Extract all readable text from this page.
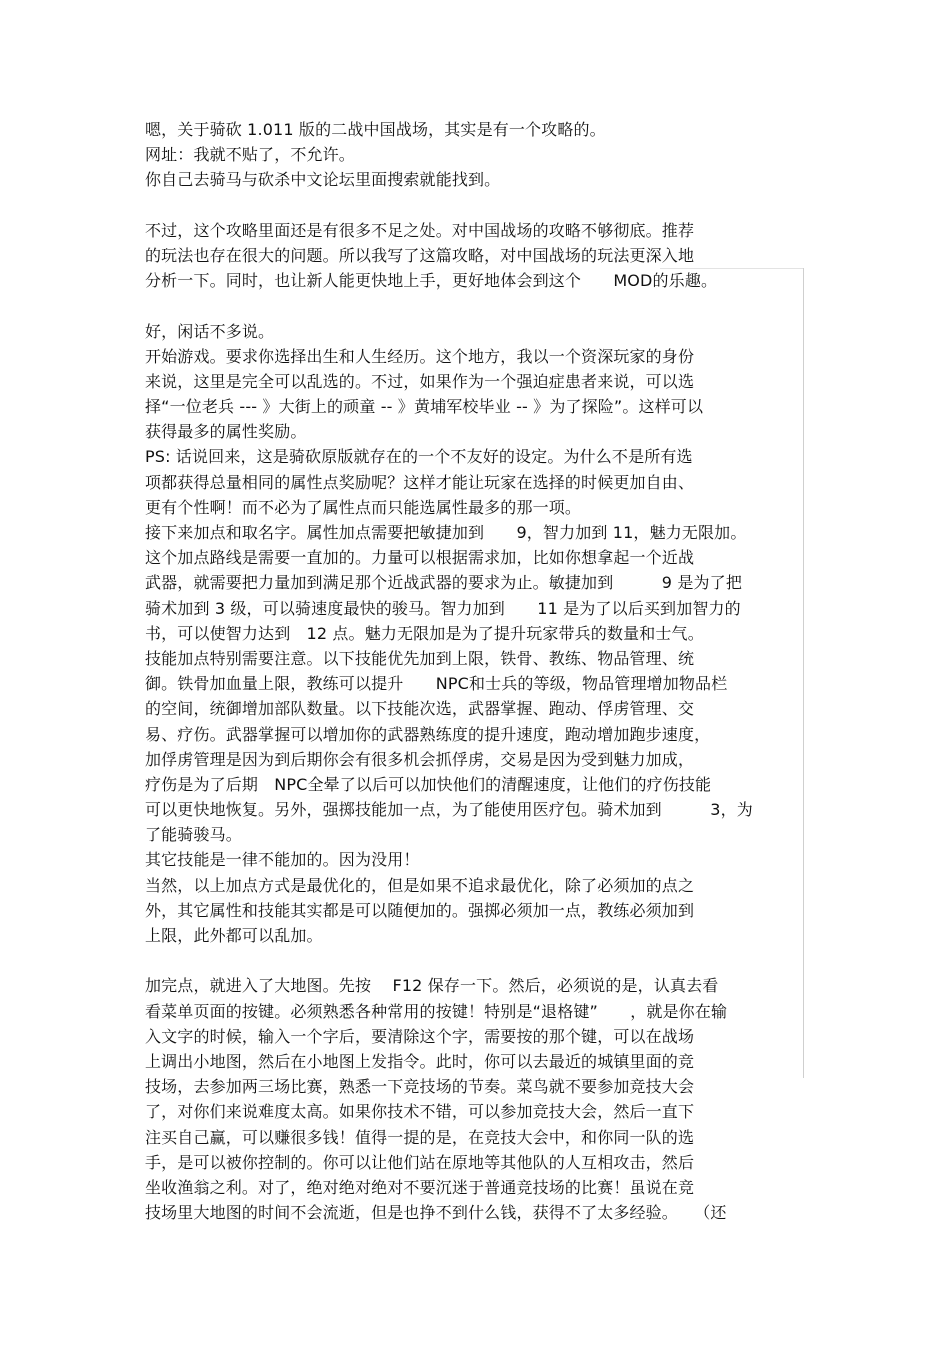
嗯，关于骑砍 1.011 版的二战中国战场，其实是有一个攻略的。
网址：我就不贴了，不允许。
你自己去骑马与砍杀中文论坛里面搜索就能找到。
不过，这个攻略里面还是有很多不足之处。对中国战场的攻略不够彻底。推荐
的玩法也存在很大的问题。所以我写了这篇攻略，对中国战场的玩法更深入地
分析一下。同时，也让新人能更快地上手，更好地体会到这个　　MOD的乐趣。
好，闲话不多说。
开始游戏。要求你选择出生和人生经历。这个地方，我以一个资深玩家的身份
来说，这里是完全可以乱选的。不过，如果作为一个强迫症患者来说，可以选
择“一位老兵 --- 》大街上的顽童 -- 》黄埔军校毕业 -- 》为了探险”。这样可以
获得最多的属性奖励。
PS: 话说回来，这是骑砍原版就存在的一个不友好的设定。为什么不是所有选
项都获得总量相同的属性点奖励呢？这样才能让玩家在选择的时候更加自由、
更有个性啊！而不必为了属性点而只能选属性最多的那一项。
接下来加点和取名字。属性加点需要把敏捷加到　　9，智力加到 11，魅力无限加。
这个加点路线是需要一直加的。力量可以根据需求加，比如你想拿起一个近战
武器，就需要把力量加到满足那个近战武器的要求为止。敏捷加到　　　9 是为了把
骑术加到 3 级，可以骑速度最快的骏马。智力加到　　11 是为了以后买到加智力的
书，可以使智力达到　12 点。魅力无限加是为了提升玩家带兵的数量和士气。
技能加点特别需要注意。以下技能优先加到上限，铁骨、教练、物品管理、统
御。铁骨加血量上限，教练可以提升　　NPC和士兵的等级，物品管理增加物品栏
的空间，统御增加部队数量。以下技能次选，武器掌握、跑动、俘虏管理、交
易、疗伤。武器掌握可以增加你的武器熟练度的提升速度，跑动增加跑步速度，
加俘虏管理是因为到后期你会有很多机会抓俘虏，交易是因为受到魅力加成，
疗伤是为了后期　NPC全晕了以后可以加快他们的清醒速度，让他们的疗伤技能
可以更快地恢复。另外，强掷技能加一点，为了能使用医疗包。骑术加到　　　3，为
了能骑骏马。
其它技能是一律不能加的。因为没用！
当然，以上加点方式是最优化的，但是如果不追求最优化，除了必须加的点之
外，其它属性和技能其实都是可以随便加的。强掷必须加一点，教练必须加到
上限，此外都可以乱加。
加完点，就进入了大地图。先按　 F12 保存一下。然后，必须说的是，认真去看
看菜单页面的按键。必须熟悉各种常用的按键！特别是“退格键”　　，就是你在输
入文字的时候，输入一个字后，要清除这个字，需要按的那个键，可以在战场
上调出小地图，然后在小地图上发指令。此时，你可以去最近的城镇里面的竞
技场，去参加两三场比赛，熟悉一下竞技场的节奏。菜鸟就不要参加竞技大会
了，对你们来说难度太高。如果你技术不错，可以参加竞技大会，然后一直下
注买自己赢，可以赚很多钱！值得一提的是，在竞技大会中，和你同一队的选
手，是可以被你控制的。你可以让他们站在原地等其他队的人互相攻击，然后
坐收渔翁之利。对了，绝对绝对绝对不要沉迷于普通竞技场的比赛！虽说在竞
技场里大地图的时间不会流逝，但是也挣不到什么钱，获得不了太多经验。　　（还
